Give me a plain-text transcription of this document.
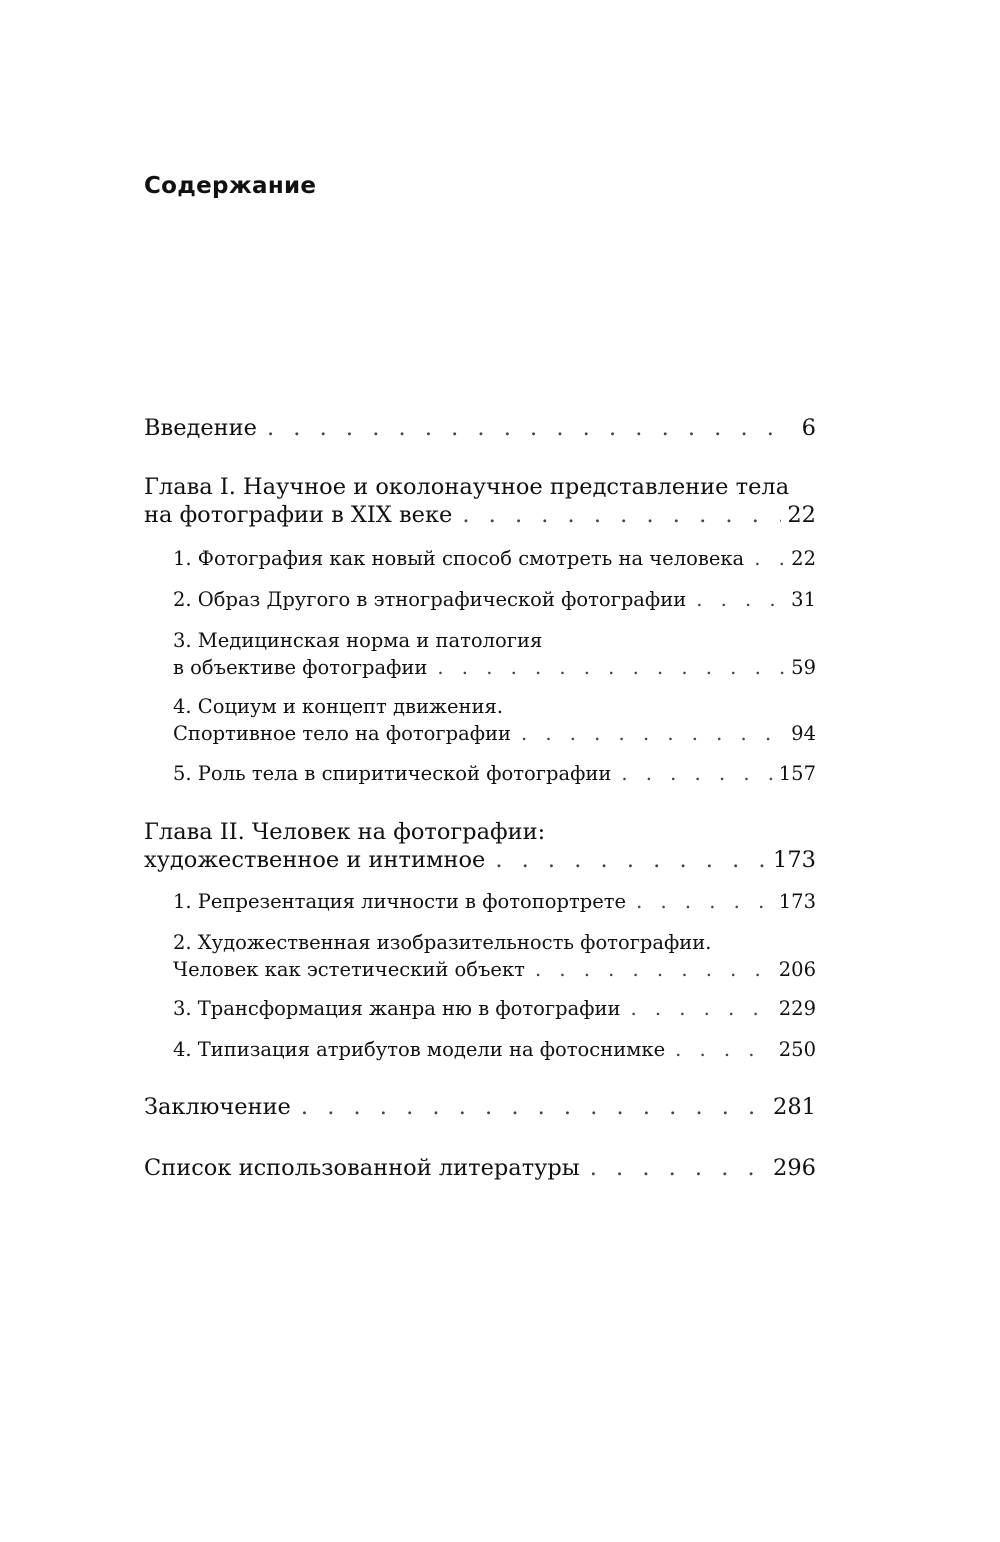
Содержание
Введение . . .	6
Глава I. Научное и околонаучное представление тела
на фотографии в XIX веке . . .	22
1. Фотография как новый способ смотреть на человека . . . 22
2. Образ Другого в этнографической фотографии . . .	31
3. Медицинская норма и патология
в объективе фотографии . . .	59
4. Социум и концепт движения.
Спортивное тело на фотографии . . .	94
5. Роль тела в спиритической фотографии . . .	157
Глава II. Человек на фотографии:
художественное и интимное . . .	173
1. Репрезентация личности в фотопортрете . . .	173
2. Художественная изобразительность фотографии.
Человек как эстетический объект . . .	206
3. Трансформация жанра ню в фотографии . . .	229
4. Типизация атрибутов модели на фотоснимке . . .	250
Заключение . . .	281
Список использованной литературы . . .	296
